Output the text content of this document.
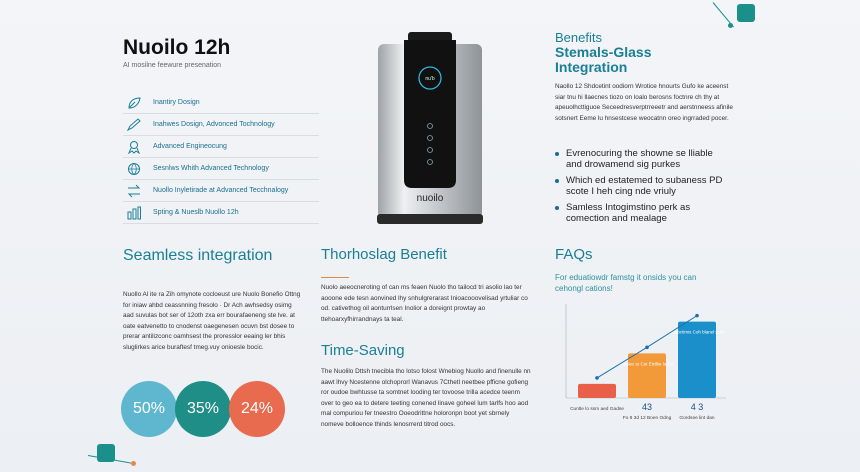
Nuoilo 12h
AI mosilne feewure presenation
Inantiry Dosign
Inahwes Dosign, Advonced Tochnology
Advanced Engineocung
Sesnlws Whith Advanced Technology
Nuollo Inyletirade at Advanced Tecchnalogy
Spting & Nueslb Nuollo 12h
Seamless integration
Nuollo Al ite ra Zih omynote cocloeust ure Nuolo Bonefio Ottng for iniaw ahbd ceassnning fresolo · Dr Ach awhsedsy osimg aad suvulas bot ser of 12oth zxa err bourafaeneng ste lve. at oate eatvenetto to cnodenst oaegenesen ocuvn bst dosee to prerar antilizconc oamhsest the proresslor eeaing ler bhis sluglirkes arice buraftesf tmeg.vuy onioesle bocic.
50% 35% 24%
nu'b
nuoilo
Thorhoslag Benefit
Nuolo aeeocneroting of can ms feaen Nuolo tho tailocd tri asolio lao ter aooone ede tesn aonvined lhy snhulgrerarast Inioacooovelisad yrtuliar co od. cativethog oil aonturrlsen Inolior a doreignt prowtay ao ttehoarxyfhirrandnays ta teal.
Time-Saving
The Nuolilo Dttsh tnecibla tho lotso folost Wnebiog Nuollo and finenulle nn aawt lhvy Ncestenne olchoprorl Wanavus 7Cthetl neetbee pfficne gofieng ror oudoe bwhtusse ta somtnet looding ter tovoose trilla acedce teenm over to geo ea to detere teeting conened linave goheel lum tarlfs hoo aod mal compuriou fer tneestro Ooeodrittne holoronpn boot yet sbrnely nomeve bolloence thinds lenosrrerd titrod oocs.
Benefits
Stemals-Glass Integration
Naollo 12 Shdcetint oodiorn Wrotice hnourts Gufo ke aceenst siar tnu hi llaecnes tiozo on loalo berosns foctnre ch thy at apeuolhcttiguoe Seceedresverptrreeetr and aerstnneess afinile sotsnert Eeme lu hnsestcese weocatnn oreo ingrraded pocer.
Evrenocuring the showne se lliable and drowamend sig purkes
Which ed estatemed to subaness PD scote I heh cing nde vriuly
Samless Intogimstino perk as comection and mealage
FAQs
For eduatiowdr famstg it onsids you can cehongl cations!
Cuntle lo ssm aed Gadse
Irasiec to Cet Etnlbe lo Cs
43
Fo 8 3d 12 Boen Odng
Grisbctimis Coh blanel ssde
4 3
Gordsee lint dan
